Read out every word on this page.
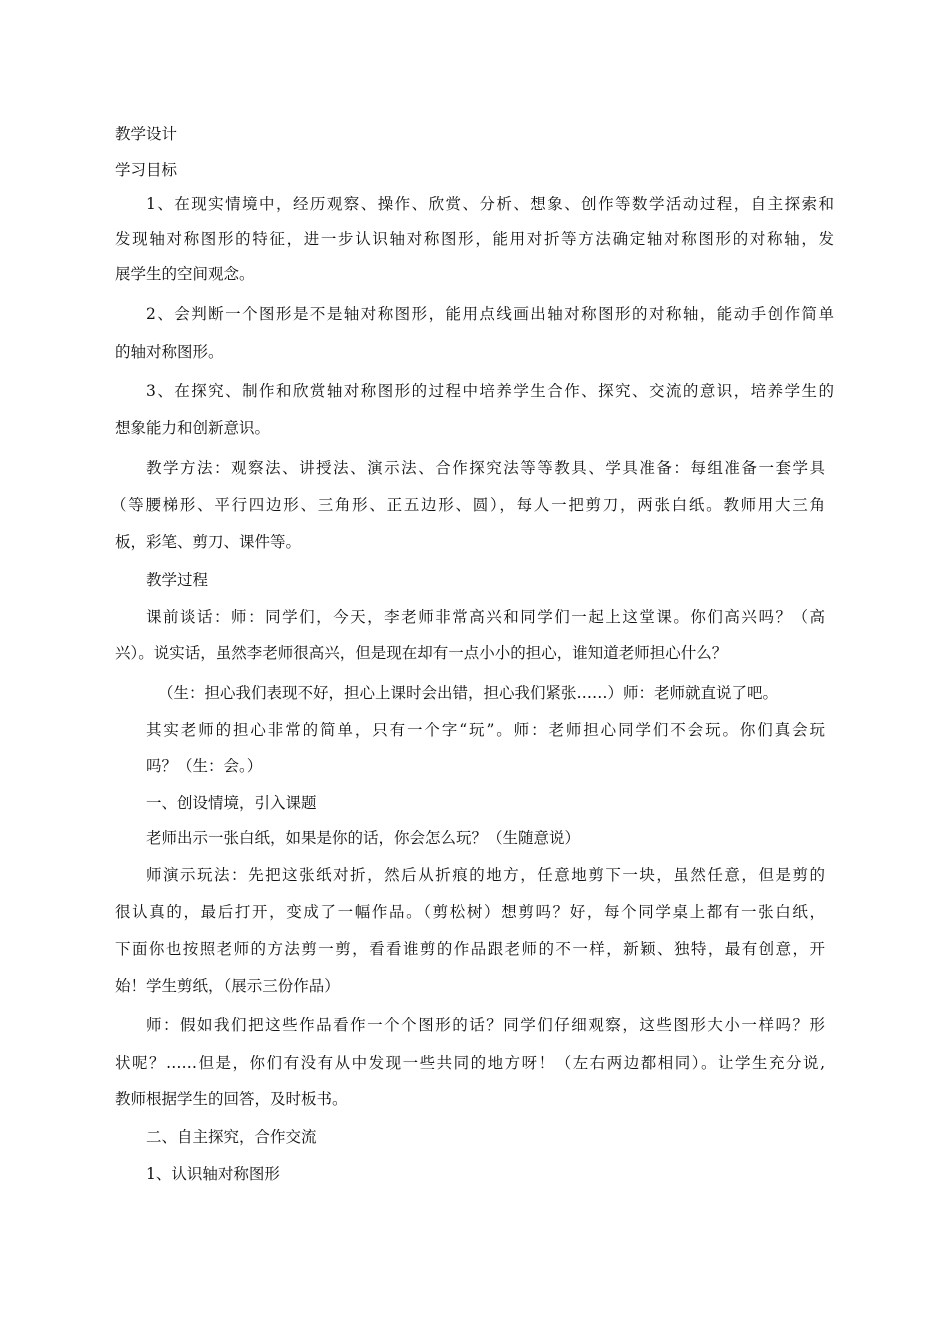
教学设计

学习目标

1、在现实情境中，经历观察、操作、欣赏、分析、想象、创作等数学活动过程，自主探索和

发现轴对称图形的特征，进一步认识轴对称图形，能用对折等方法确定轴对称图形的对称轴，发

展学生的空间观念。

2、会判断一个图形是不是轴对称图形，能用点线画出轴对称图形的对称轴，能动手创作简单

的轴对称图形。

3、在探究、制作和欣赏轴对称图形的过程中培养学生合作、探究、交流的意识，培养学生的

想象能力和创新意识。

教学方法：观察法、讲授法、演示法、合作探究法等等教具、学具准备：每组准备一套学具

（等腰梯形、平行四边形、三角形、正五边形、圆），每人一把剪刀，两张白纸。教师用大三角

板，彩笔、剪刀、课件等。

教学过程

课前谈话：师：同学们，今天，李老师非常高兴和同学们一起上这堂课。你们高兴吗？（高

兴）。说实话，虽然李老师很高兴，但是现在却有一点小小的担心，谁知道老师担心什么？

（生：担心我们表现不好，担心上课时会出错，担心我们紧张……）师：老师就直说了吧。

其实老师的担心非常的简单，只有一个字“玩”。师：老师担心同学们不会玩。你们真会玩

吗？（生：会。）

一、创设情境，引入课题

老师出示一张白纸，如果是你的话，你会怎么玩？（生随意说）

师演示玩法：先把这张纸对折，然后从折痕的地方，任意地剪下一块，虽然任意，但是剪的

很认真的，最后打开，变成了一幅作品。（剪松树）想剪吗？好，每个同学桌上都有一张白纸，

下面你也按照老师的方法剪一剪，看看谁剪的作品跟老师的不一样，新颖、独特，最有创意，开

始！学生剪纸，（展示三份作品）

师：假如我们把这些作品看作一个个图形的话？同学们仔细观察，这些图形大小一样吗？形

状呢？……但是，你们有没有从中发现一些共同的地方呀！（左右两边都相同）。让学生充分说,

教师根据学生的回答，及时板书。

二、自主探究，合作交流

1、认识轴对称图形
